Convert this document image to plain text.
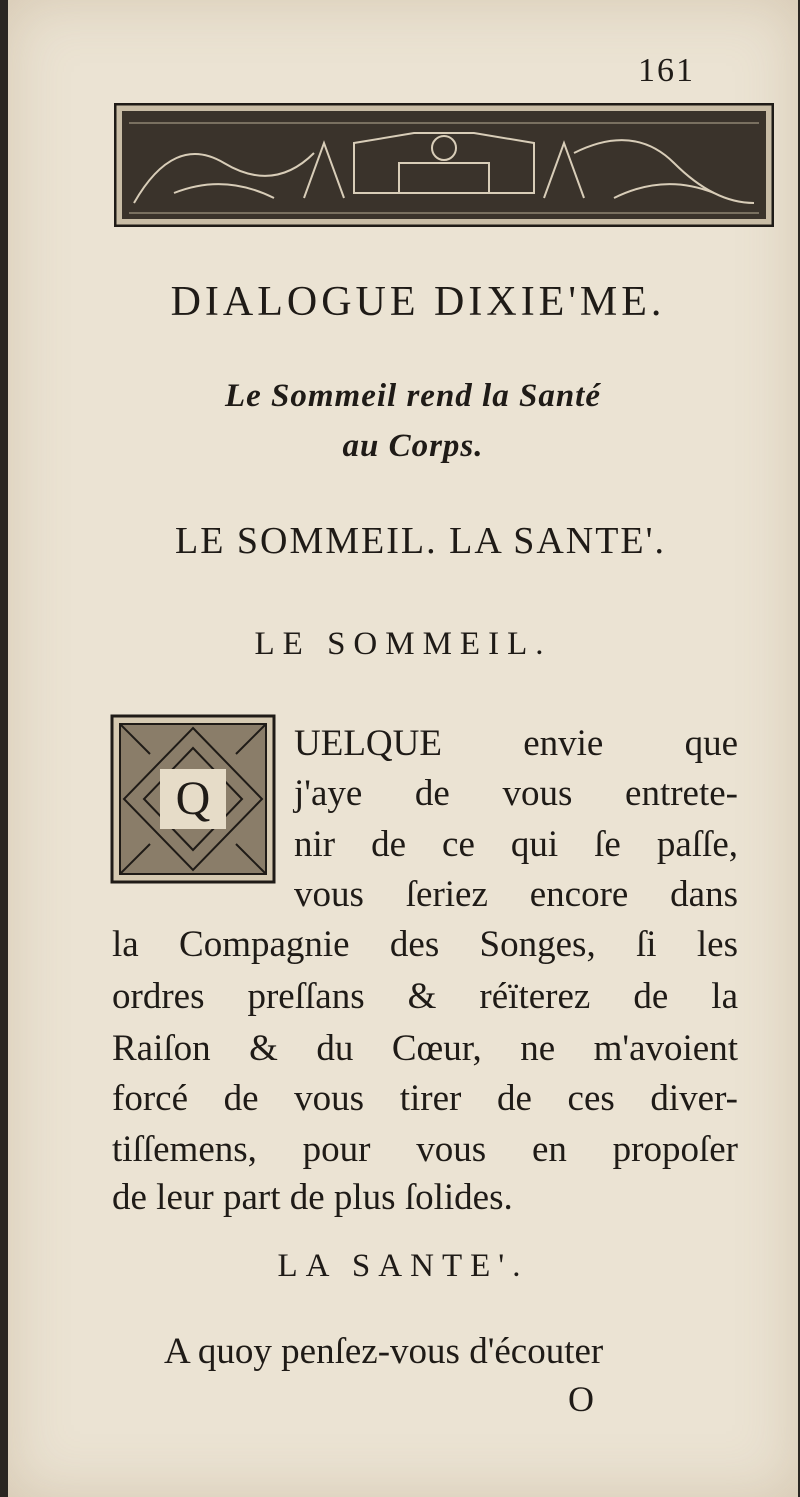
161
DIALOGUE DIXIE'ME.
Le Sommeil rend la Santé
au Corps.
LE SOMMEIL. LA SANTE'.
LE SOMMEIL.
Q
UELQUE envie que
j'aye de vous entrete-
nir de ce qui ſe paſſe,
vous ſeriez encore dans
la Compagnie des Songes, ſi les
ordres preſſans & réïterez de la
Raiſon & du Cœur, ne m'avoient
forcé de vous tirer de ces diver-
tiſſemens, pour vous en propoſer
de leur part de plus ſolides.
LA SANTE'.
A quoy penſez-vous d'écouter
O
